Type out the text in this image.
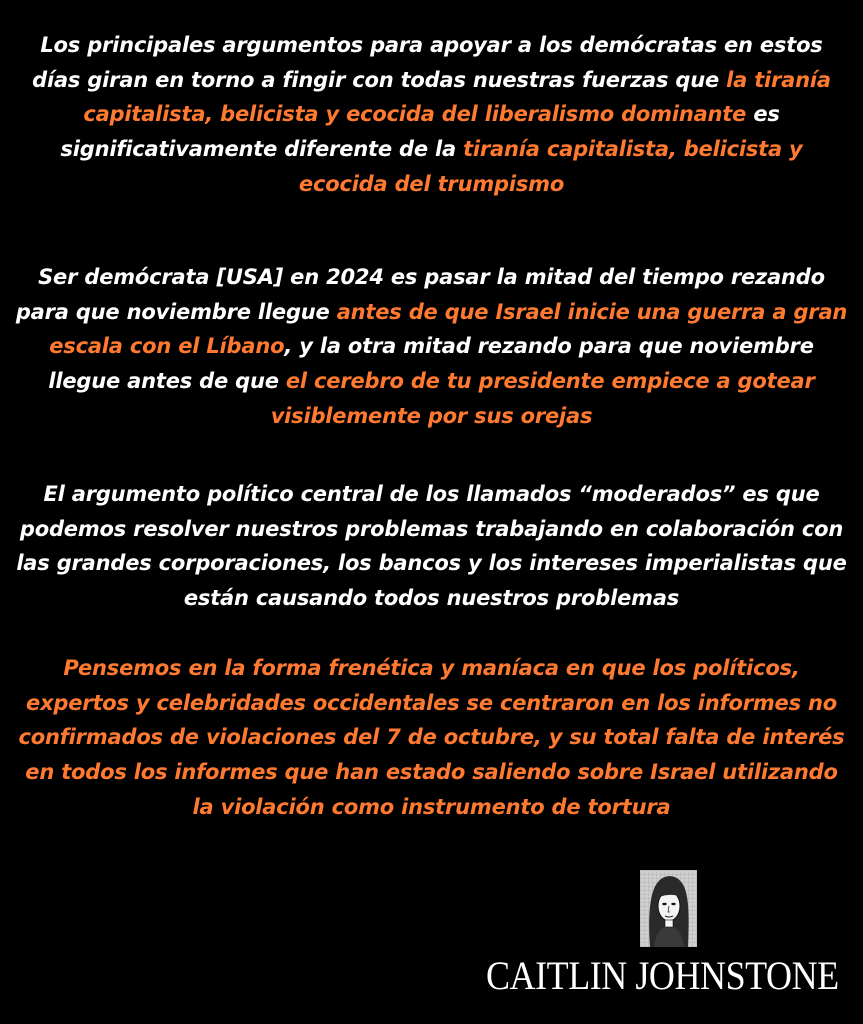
Los principales argumentos para apoyar a los demócratas en estos días giran en torno a fingir con todas nuestras fuerzas que la tiranía capitalista, belicista y ecocida del liberalismo dominante es significativamente diferente de la tiranía capitalista, belicista y ecocida del trumpismo
Ser demócrata [USA] en 2024 es pasar la mitad del tiempo rezando para que noviembre llegue antes de que Israel inicie una guerra a gran escala con el Líbano, y la otra mitad rezando para que noviembre llegue antes de que el cerebro de tu presidente empiece a gotear visiblemente por sus orejas
El argumento político central de los llamados “moderados” es que podemos resolver nuestros problemas trabajando en colaboración con las grandes corporaciones, los bancos y los intereses imperialistas que están causando todos nuestros problemas
Pensemos en la forma frenética y maníaca en que los políticos, expertos y celebridades occidentales se centraron en los informes no confirmados de violaciones del 7 de octubre, y su total falta de interés en todos los informes que han estado saliendo sobre Israel utilizando la violación como instrumento de tortura
CAITLIN JOHNSTONE
